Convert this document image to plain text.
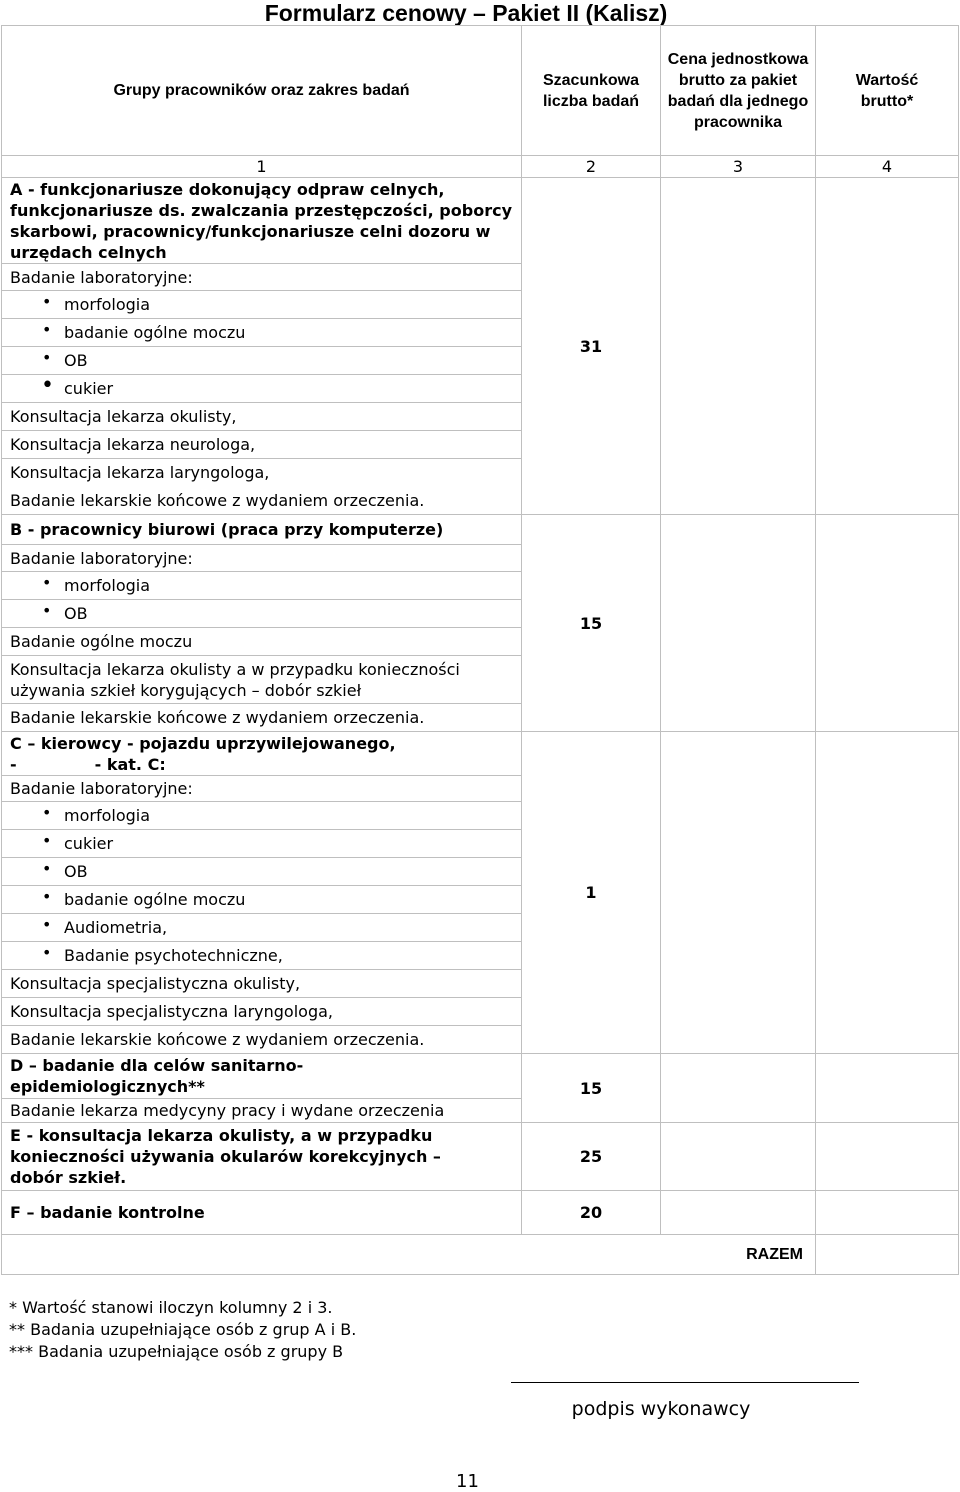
Formularz cenowy – Pakiet II (Kalisz)
Grupy pracowników oraz zakres badań	Szacunkowa liczba badań	Cena jednostkowa brutto za pakiet badań dla jednego pracownika	Wartość brutto*
1	2	3	4
A - funkcjonariusze dokonujący odpraw celnych, funkcjonariusze ds. zwalczania przestępczości, poborcy skarbowi, pracownicy/funkcjonariusze celni dozoru w urzędach celnych	31		
Badanie laboratoryjne:			
• morfologia
• badanie ogólne moczu
• OB
• cukier
Konsultacja lekarza okulisty,			
Konsultacja lekarza neurologa,			

Konsultacja lekarza laryngologa,
Badanie lekarskie końcowe z wydaniem orzeczenia.			

B - pracownicy biurowi (praca przy komputerze)	15		
Badanie laboratoryjne:			
• morfologia
• OB
Badanie ogólne moczu			
Konsultacja lekarza okulisty a w przypadku konieczności używania szkieł korygujących – dobór szkieł			
Badanie lekarskie końcowe z wydaniem orzeczenia.			

C – kierowcy - pojazdu uprzywilejowanego,
-              - kat. C:	1		
Badanie laboratoryjne:			
• morfologia
• cukier
• OB
• badanie ogólne moczu
• Audiometria,
• Badanie psychotechniczne,
Konsultacja specjalistyczna okulisty,			
Konsultacja specjalistyczna laryngologa,			
Badanie lekarskie końcowe z wydaniem orzeczenia.			
D – badanie dla celów sanitarno-epidemiologicznych**	15		
Badanie lekarza medycyny pracy i wydane orzeczenia			
E - konsultacja lekarza okulisty, a w przypadku konieczności używania okularów korekcyjnych – dobór szkieł.	25		
F – badanie kontrolne	20		
RAZEM			
* Wartość stanowi iloczyn kolumny 2 i 3.
** Badania uzupełniające osób z grup A i B.
*** Badania uzupełniające osób z grupy B
podpis wykonawcy
11
